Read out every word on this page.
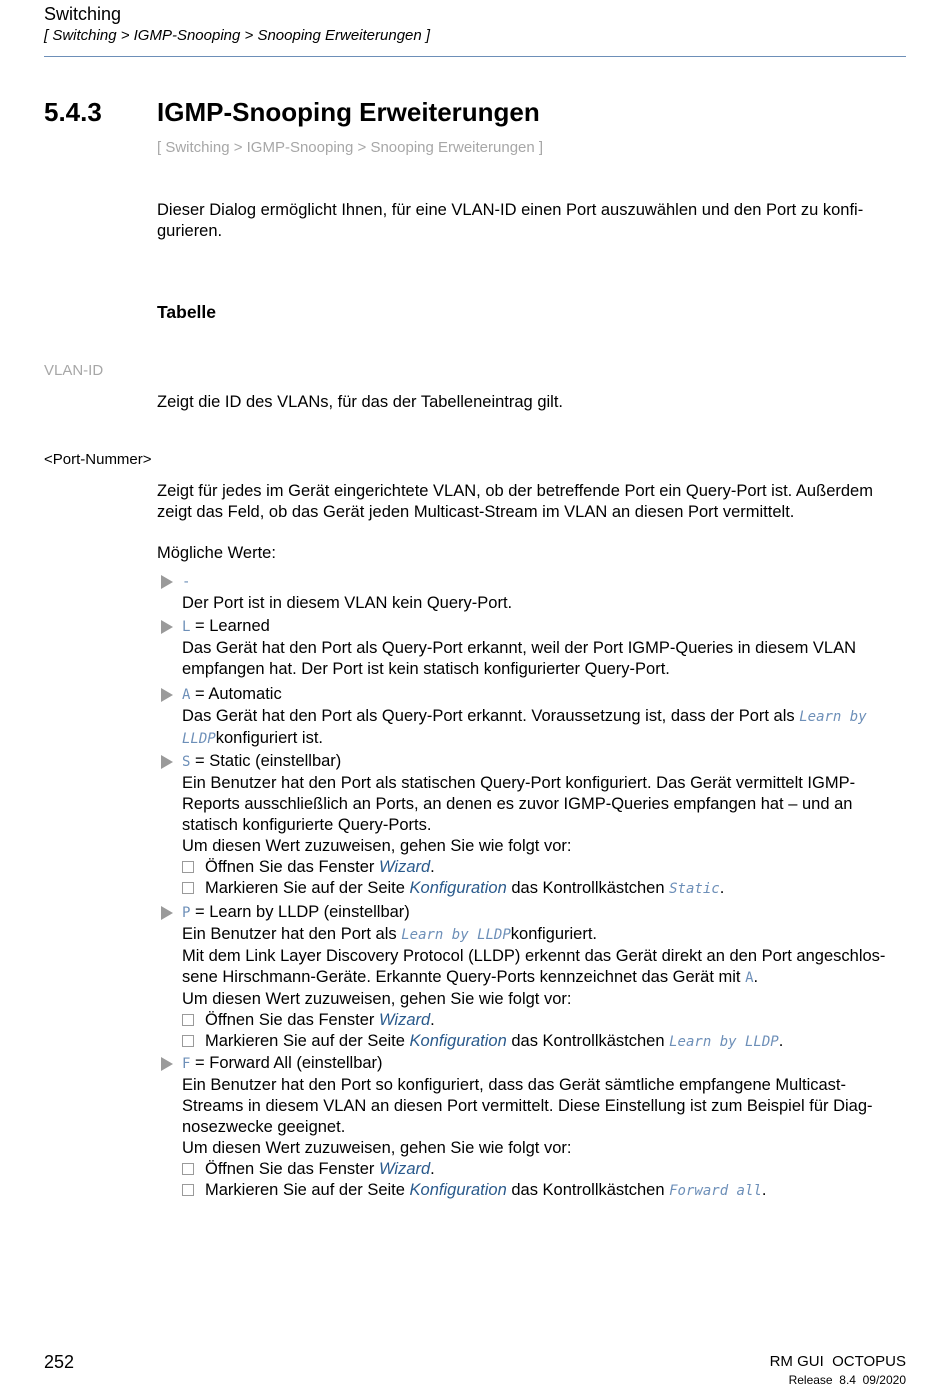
Switching
[ Switching > IGMP-Snooping > Snooping Erweiterungen ]
5.4.3 IGMP-Snooping Erweiterungen
[ Switching > IGMP-Snooping > Snooping Erweiterungen ]
Dieser Dialog ermöglicht Ihnen, für eine VLAN-ID einen Port auszuwählen und den Port zu konfi-gurieren.
Tabelle
VLAN-ID
Zeigt die ID des VLANs, für das der Tabelleneintrag gilt.
<Port-Nummer>
Zeigt für jedes im Gerät eingerichtete VLAN, ob der betreffende Port ein Query-Port ist. Außerdem zeigt das Feld, ob das Gerät jeden Multicast-Stream im VLAN an diesen Port vermittelt.
Mögliche Werte:
-
Der Port ist in diesem VLAN kein Query-Port.
L = Learned
Das Gerät hat den Port als Query-Port erkannt, weil der Port IGMP-Queries in diesem VLAN empfangen hat. Der Port ist kein statisch konfigurierter Query-Port.
A = Automatic
Das Gerät hat den Port als Query-Port erkannt. Voraussetzung ist, dass der Port als Learn by LLDPkonfiguriert ist.
S = Static (einstellbar)
Ein Benutzer hat den Port als statischen Query-Port konfiguriert. Das Gerät vermittelt IGMP-Reports ausschließlich an Ports, an denen es zuvor IGMP-Queries empfangen hat – und an statisch konfigurierte Query-Ports.
Um diesen Wert zuzuweisen, gehen Sie wie folgt vor:
Öffnen Sie das Fenster Wizard.
Markieren Sie auf der Seite Konfiguration das Kontrollkästchen Static.
P = Learn by LLDP (einstellbar)
Ein Benutzer hat den Port als Learn by LLDPkonfiguriert.
Mit dem Link Layer Discovery Protocol (LLDP) erkennt das Gerät direkt an den Port angeschlos-sene Hirschmann-Geräte. Erkannte Query-Ports kennzeichnet das Gerät mit A.
Um diesen Wert zuzuweisen, gehen Sie wie folgt vor:
Öffnen Sie das Fenster Wizard.
Markieren Sie auf der Seite Konfiguration das Kontrollkästchen Learn by LLDP.
F = Forward All (einstellbar)
Ein Benutzer hat den Port so konfiguriert, dass das Gerät sämtliche empfangene Multicast-Streams in diesem VLAN an diesen Port vermittelt. Diese Einstellung ist zum Beispiel für Diag-nosezwecke geeignet.
Um diesen Wert zuzuweisen, gehen Sie wie folgt vor:
Öffnen Sie das Fenster Wizard.
Markieren Sie auf der Seite Konfiguration das Kontrollkästchen Forward all.
252	RM GUI  OCTOPUS
Release  8.4  09/2020
